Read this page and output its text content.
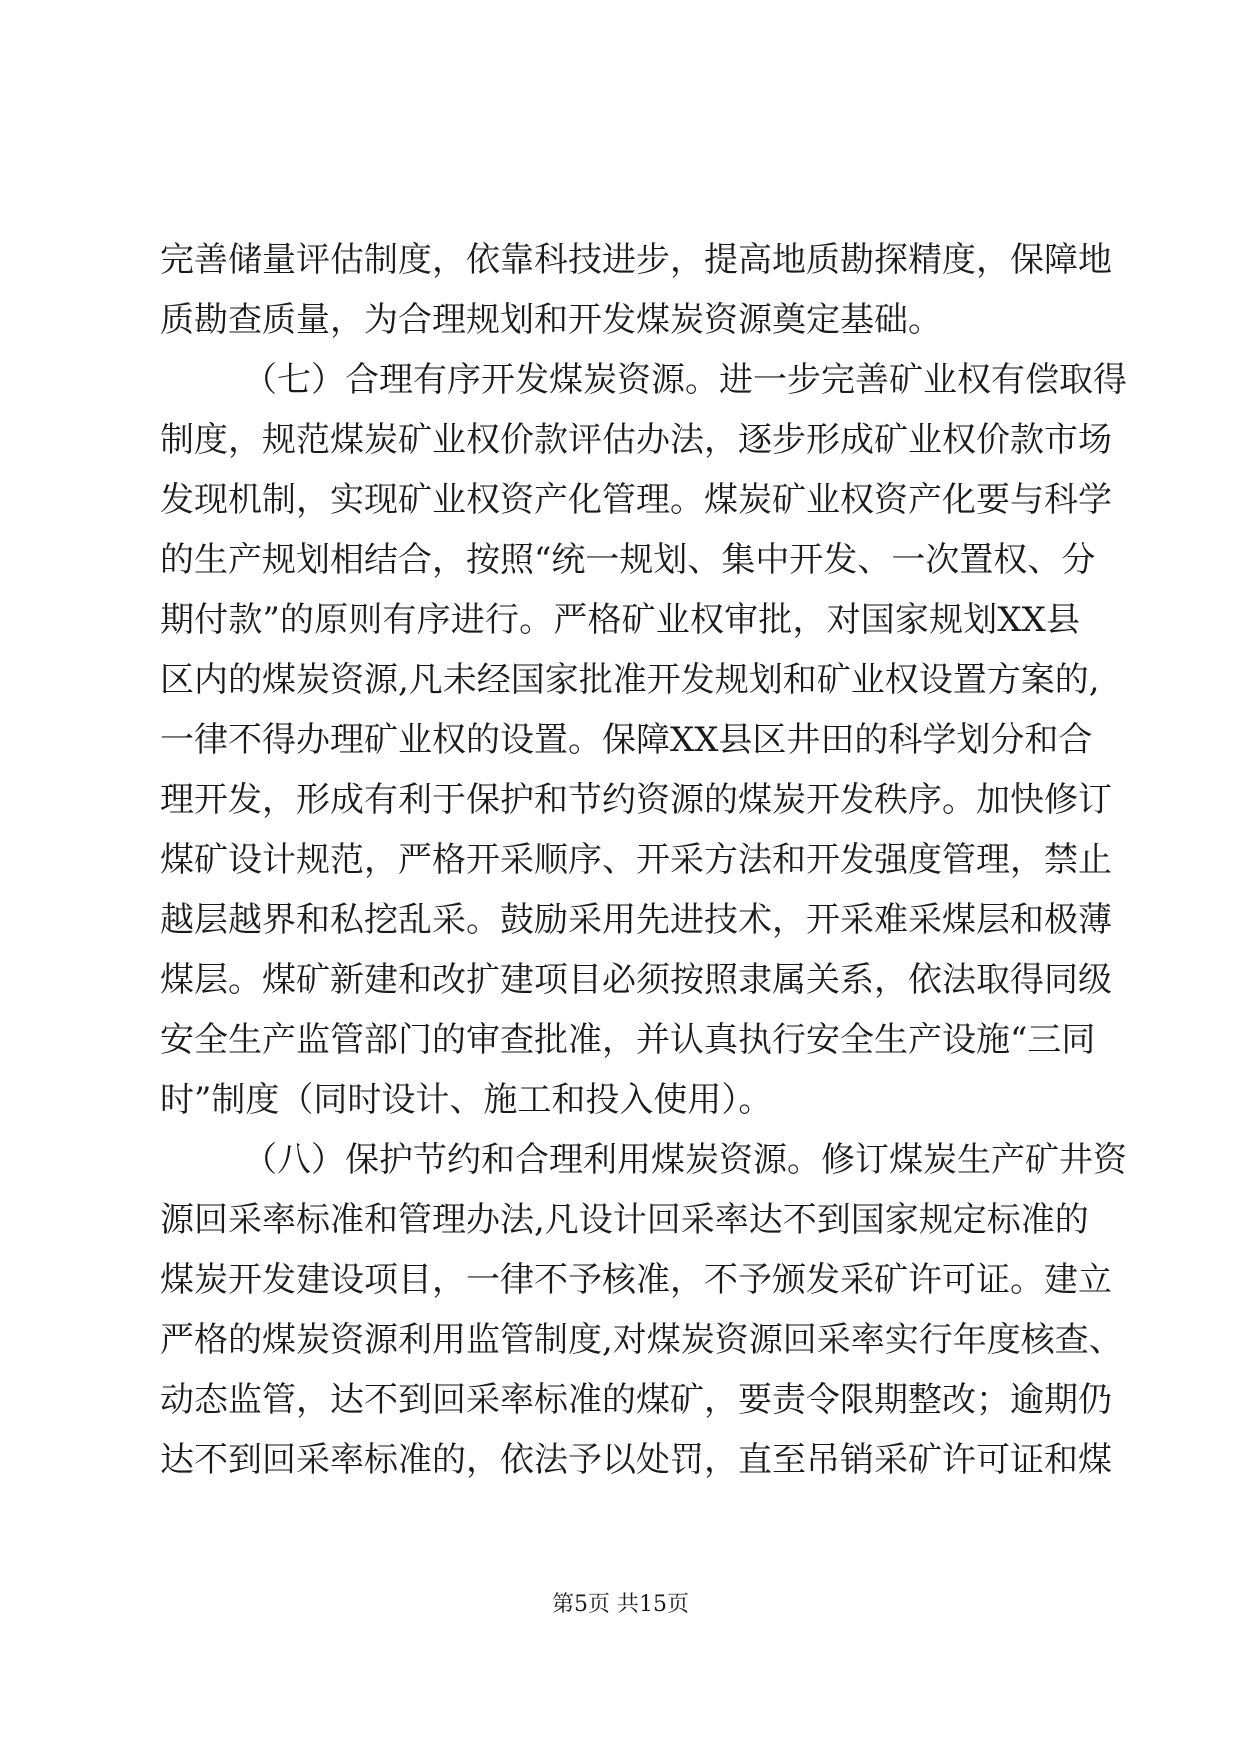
完善储量评估制度，依靠科技进步，提高地质勘探精度，保障地
质勘查质量，为合理规划和开发煤炭资源奠定基础。
（七）合理有序开发煤炭资源。进一步完善矿业权有偿取得
制度，规范煤炭矿业权价款评估办法，逐步形成矿业权价款市场
发现机制，实现矿业权资产化管理。煤炭矿业权资产化要与科学
的生产规划相结合，按照“统一规划、集中开发、一次置权、分
期付款”的原则有序进行。严格矿业权审批，对国家规划XX县
区内的煤炭资源,凡未经国家批准开发规划和矿业权设置方案的,
一律不得办理矿业权的设置。保障XX县区井田的科学划分和合
理开发，形成有利于保护和节约资源的煤炭开发秩序。加快修订
煤矿设计规范，严格开采顺序、开采方法和开发强度管理，禁止
越层越界和私挖乱采。鼓励采用先进技术，开采难采煤层和极薄
煤层。煤矿新建和改扩建项目必须按照隶属关系，依法取得同级
安全生产监管部门的审查批准，并认真执行安全生产设施“三同
时”制度（同时设计、施工和投入使用）。
（八）保护节约和合理利用煤炭资源。修订煤炭生产矿井资
源回采率标准和管理办法,凡设计回采率达不到国家规定标准的
煤炭开发建设项目，一律不予核准，不予颁发采矿许可证。建立
严格的煤炭资源利用监管制度,对煤炭资源回采率实行年度核查、
动态监管，达不到回采率标准的煤矿，要责令限期整改；逾期仍
达不到回采率标准的，依法予以处罚，直至吊销采矿许可证和煤
第5页 共15页
